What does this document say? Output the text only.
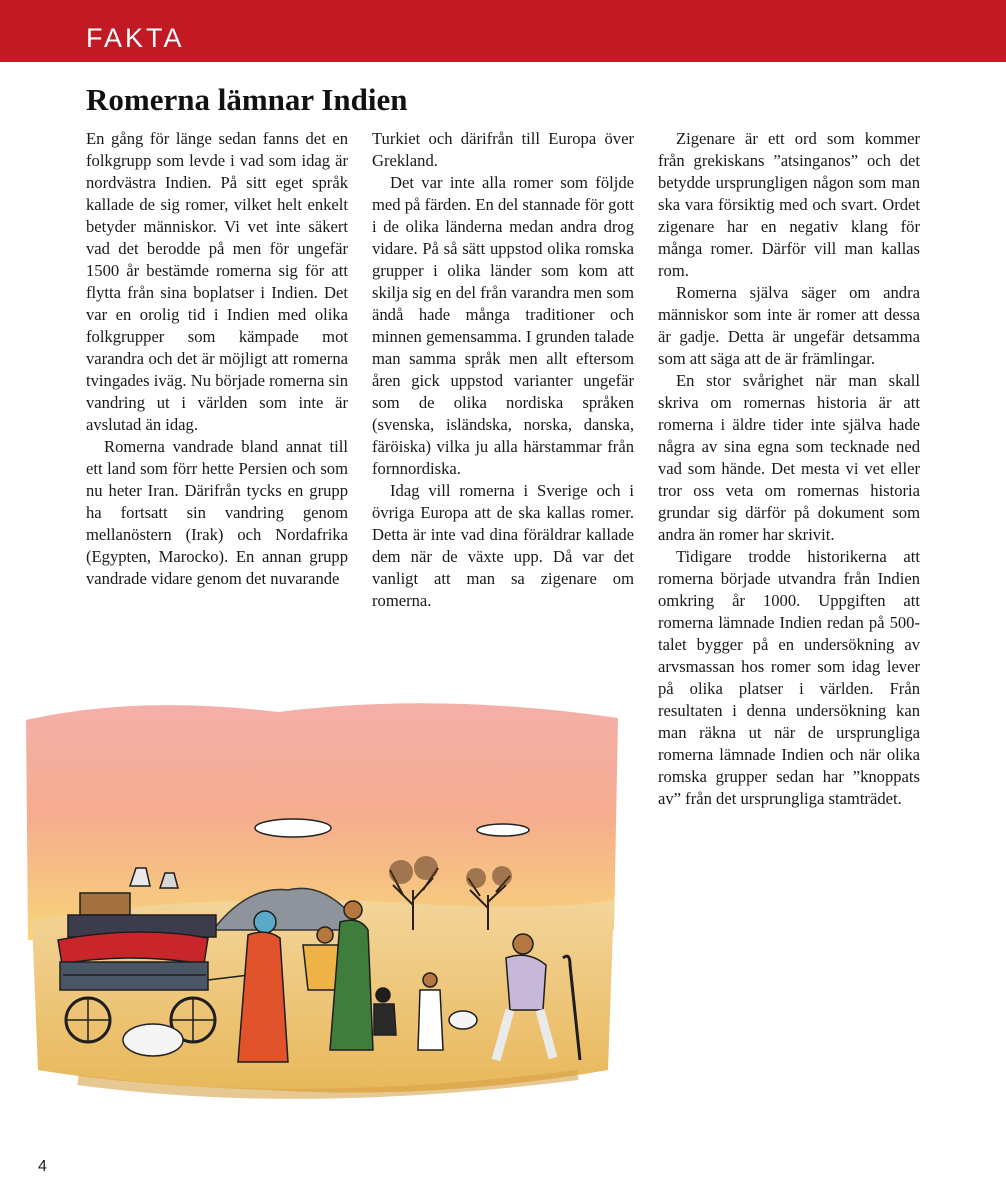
FAKTA
Romerna lämnar Indien

En gång för länge sedan fanns det en folkgrupp som levde i vad som idag är nordvästra Indien. På sitt eget språk kallade de sig romer, vilket helt enkelt betyder människor. Vi vet inte säkert vad det berodde på men för ungefär 1500 år bestämde romerna sig för att flytta från sina boplatser i Indien. Det var en orolig tid i Indien med olika folkgrupper som kämpade mot varandra och det är möjligt att romerna tvingades iväg. Nu började romerna sin vandring ut i världen som inte är avslutad än idag.

Romerna vandrade bland annat till ett land som förr hette Persien och som nu heter Iran. Därifrån tycks en grupp ha fortsatt sin vandring genom mellanöstern (Irak) och Nordafrika (Egypten, Marocko). En annan grupp vandrade vidare genom det nuvarande

Turkiet och därifrån till Europa över Grekland.

Det var inte alla romer som följde med på färden. En del stannade för gott i de olika länderna medan andra drog vidare. På så sätt uppstod olika romska grupper i olika länder som kom att skilja sig en del från varandra men som ändå hade många traditioner och minnen gemensamma. I grunden talade man samma språk men allt eftersom åren gick uppstod varianter ungefär som de olika nordiska språken (svenska, isländska, norska, danska, färöiska) vilka ju alla härstammar från fornnordiska.

Idag vill romerna i Sverige och i övriga Europa att de ska kallas romer. Detta är inte vad dina föräldrar kallade dem när de växte upp. Då var det vanligt att man sa zigenare om romerna.

Zigenare är ett ord som kommer från grekiskans ”atsinganos” och det betydde ursprungligen någon som man ska vara försiktig med och svart. Ordet zigenare har en negativ klang för många romer. Därför vill man kallas rom.

Romerna själva säger om andra människor som inte är romer att dessa är gadje. Detta är ungefär detsamma som att säga att de är främlingar.

En stor svårighet när man skall skriva om romernas historia är att romerna i äldre tider inte själva hade några av sina egna som tecknade ned vad som hände. Det mesta vi vet eller tror oss veta om romernas historia grundar sig därför på dokument som andra än romer har skrivit.

Tidigare trodde historikerna att romerna började utvandra från Indien omkring år 1000. Uppgiften att romerna lämnade Indien redan på 500-talet bygger på en undersökning av arvsmassan hos romer som idag lever på olika platser i världen. Från resultaten i denna undersökning kan man räkna ut när de ursprungliga romerna lämnade Indien och när olika romska grupper sedan har ”knoppats av” från det ursprungliga stamträdet.

4
